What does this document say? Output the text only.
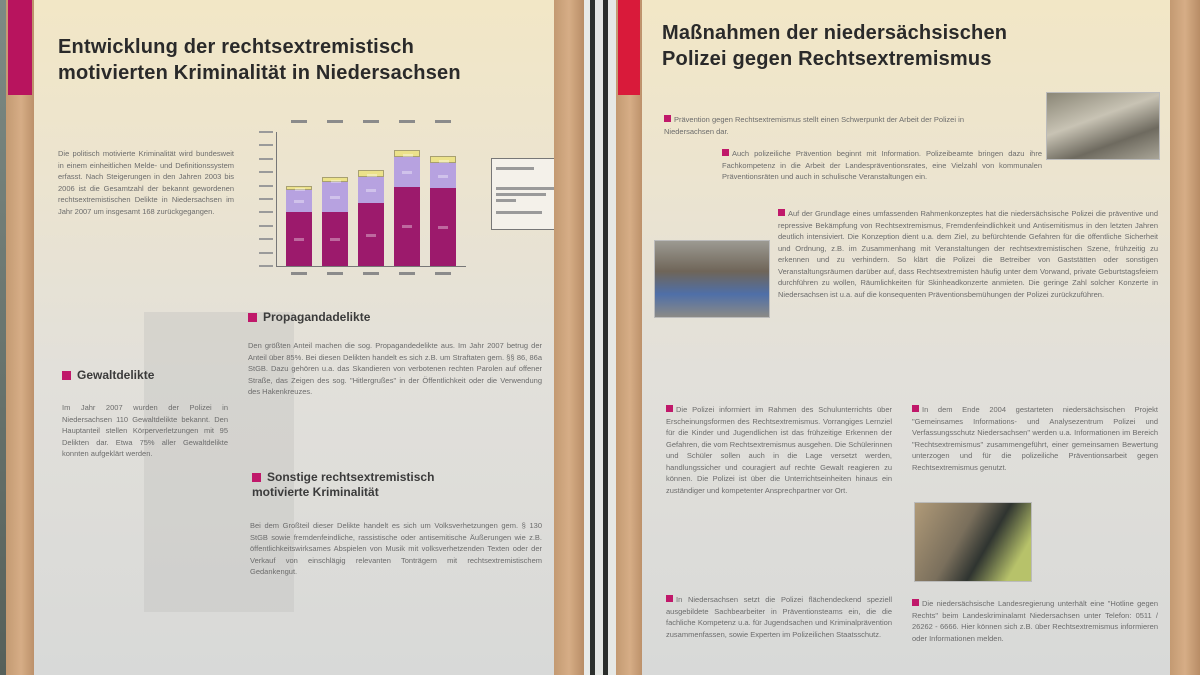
Entwicklung der rechtsextremistisch
motivierten Kriminalität in Niedersachsen
Die politisch motivierte Kriminalität wird bundesweit in einem einheitlichen Melde- und Definitionssystem erfasst. Nach Steigerungen in den Jahren 2003 bis 2006 ist die Gesamtzahl der bekannt gewordenen rechtsextremistischen Delikte in Niedersachsen im Jahr 2007 um insgesamt 168 zurückgegangen.
Propagandadelikte
Den größten Anteil machen die sog. Propagandedelikte aus. Im Jahr 2007 betrug der Anteil über 85%. Bei diesen Delikten handelt es sich z.B. um Straftaten gem. §§ 86, 86a StGB. Dazu gehören u.a. das Skandieren von verbotenen rechten Parolen auf offener Straße, das Zeigen des sog. "Hitlergrußes" in der Öffentlichkeit oder die Verwendung des Hakenkreuzes.
Gewaltdelikte
Im Jahr 2007 wurden der Polizei in Niedersachsen 110 Gewaltdelikte bekannt. Den Hauptanteil stellen Körperverletzungen mit 95 Delikten dar. Etwa 75% aller Gewaltdelikte konnten aufgeklärt werden.
Sonstige rechtsextremistisch motivierte Kriminalität
Bei dem Großteil dieser Delikte handelt es sich um Volksverhetzungen gem. § 130 StGB sowie fremdenfeindliche, rassistische oder antisemitische Äußerungen wie z.B. öffentlichkeitswirksames Abspielen von Musik mit volksverhetzenden Texten oder der Verkauf von einschlägig relevanten Tonträgern mit rechtsextremistischem Gedankengut.
Maßnahmen der niedersächsischen
Polizei gegen Rechtsextremismus
Prävention gegen Rechtsextremismus stellt einen Schwerpunkt der Arbeit der Polizei in Niedersachsen dar.
Auch polizeiliche Prävention beginnt mit Information. Polizeibeamte bringen dazu ihre Fachkompetenz in die Arbeit der Landespräventionsrates, eine Vielzahl von kommunalen Präventionsräten und auch in schulische Veranstaltungen ein.
Auf der Grundlage eines umfassenden Rahmenkonzeptes hat die niedersächsische Polizei die präventive und repressive Bekämpfung von Rechtsextremismus, Fremdenfeindlichkeit und Antisemitismus in den letzten Jahren deutlich intensiviert. Die Konzeption dient u.a. dem Ziel, zu befürchtende Gefahren für die öffentliche Sicherheit und Ordnung, z.B. im Zusammenhang mit Veranstaltungen der rechtsextremistischen Szene, frühzeitig zu erkennen und zu verhindern. So klärt die Polizei die Betreiber von Gaststätten oder sonstigen Veranstaltungsräumen darüber auf, dass Rechtsextremisten häufig unter dem Vorwand, private Geburtstagsfeiern durchführen zu wollen, Räumlichkeiten für Skinheadkonzerte anmieten. Die geringe Zahl solcher Konzerte in Niedersachsen ist u.a. auf die konsequenten Präventionsbemühungen der Polizei zurückzuführen.
Die Polizei informiert im Rahmen des Schulunterrichts über Erscheinungsformen des Rechtsextremismus. Vorrangiges Lernziel für die Kinder und Jugendlichen ist das frühzeitige Erkennen der Gefahren, die vom Rechtsextremismus ausgehen. Die Schülerinnen und Schüler sollen auch in die Lage versetzt werden, handlungssicher und couragiert auf rechte Gewalt reagieren zu können. Die Polizei ist über die Unterrichtseinheiten hinaus ein zuständiger und kompetenter Ansprechpartner vor Ort.
In dem Ende 2004 gestarteten niedersächsischen Projekt "Gemeinsames Informations- und Analysezentrum Polizei und Verfassungsschutz Niedersachsen" werden u.a. Informationen im Bereich "Rechtsextremismus" zusammengeführt, einer gemeinsamen Bewertung unterzogen und für die polizeiliche Präventionsarbeit gegen Rechtsextremismus genutzt.
In Niedersachsen setzt die Polizei flächendeckend speziell ausgebildete Sachbearbeiter in Präventionsteams ein, die die fachliche Kompetenz u.a. für Jugendsachen und Kriminalprävention zusammenfassen, sowie Experten im Polizeilichen Staatsschutz.
Die niedersächsische Landesregierung unterhält eine "Hotline gegen Rechts" beim Landeskriminalamt Niedersachsen unter Telefon: 0511 / 26262 - 6666. Hier können sich z.B. über Rechtsextremismus informieren oder Informationen melden.
